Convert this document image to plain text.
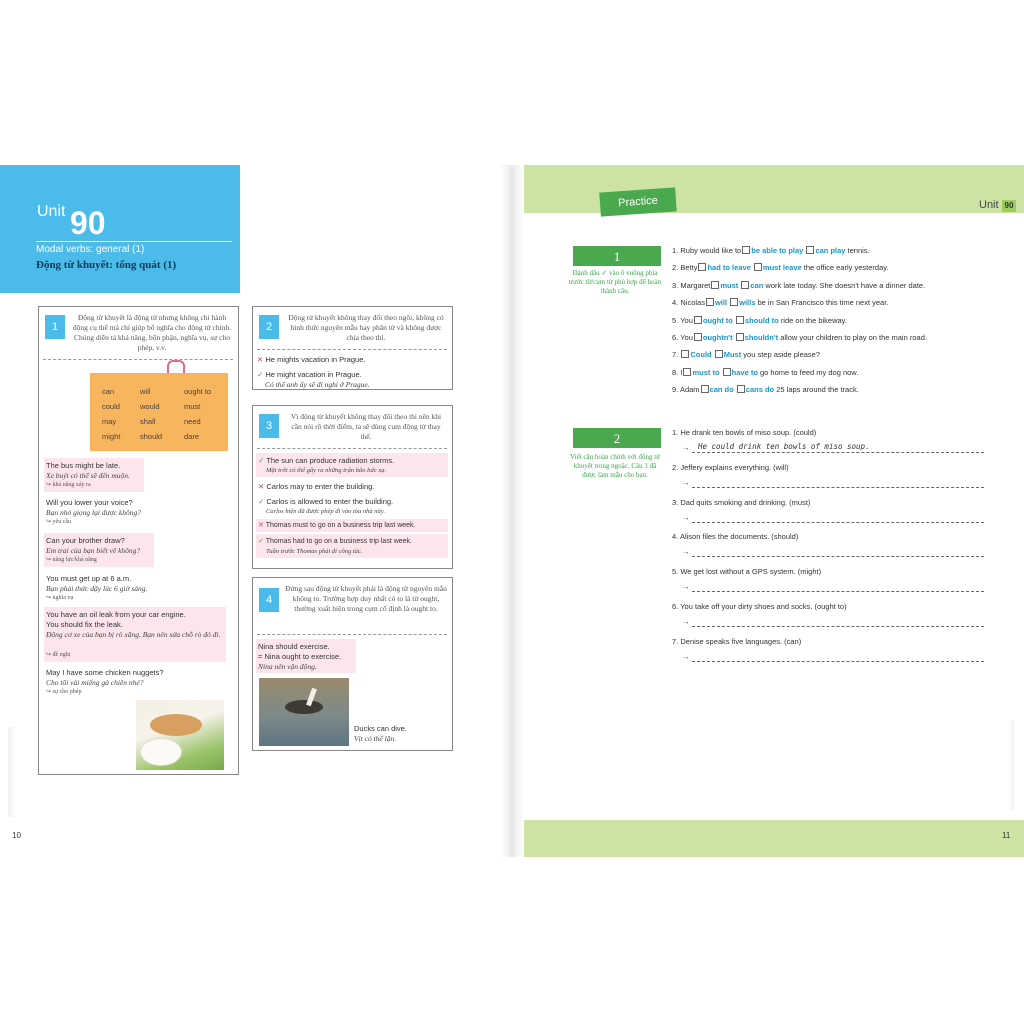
Unit 90
Modal verbs: general (1)
Động từ khuyết: tổng quát (1)
1
Động từ khuyết là động từ nhưng không chỉ hành động cụ thể mà chỉ giúp bổ nghĩa cho động từ chính. Chúng diễn tả khả năng, bổn phận, nghĩa vụ, sự cho phép, v.v.
can	will	ought to
could	would	must
may	shall	need
might	should	dare
The bus might be late.
Xe buýt có thể sẽ đến muộn.
↪ khả năng xảy ra
Will you lower your voice?
Bạn nhỏ giọng lại được không?
↪ yêu cầu
Can your brother draw?
Em trai của bạn biết vẽ không?
↪ năng lực/khả năng
You must get up at 6 a.m.
Bạn phải thức dậy lúc 6 giờ sáng.
↪ nghĩa vụ
You have an oil leak from your car engine.
You should fix the leak.
Động cơ xe của bạn bị rò xăng. Bạn nên sửa chỗ rò đó đi.
↪ đề nghị
May I have some chicken nuggets?
Cho tôi vài miếng gà chiên nhé?
↪ sự cho phép
2
Động từ khuyết không thay đổi theo ngôi, không có hình thức nguyên mẫu hay phân từ và không được chia theo thì.
✕ He mights vacation in Prague.
✓ He might vacation in Prague.
Có thể anh ấy sẽ đi nghỉ ở Prague.
3
Vì động từ khuyết không thay đổi theo thì nên khi cần nói rõ thời điểm, ta sẽ dùng cụm động từ thay thế.
✓ The sun can produce radiation storms.
Mặt trời có thể gây ra những trận bão bức xạ.
✕ Carlos may to enter the building.
✓ Carlos is allowed to enter the building.
Carlos hiện đã được phép đi vào tòa nhà này.
✕ Thomas must to go on a business trip last week.
✓ Thomas had to go on a business trip last week.
Tuần trước Thomas phải đi công tác.
4
Đứng sau động từ khuyết phải là động từ nguyên mẫu không to. Trường hợp duy nhất có to là từ ought, thường xuất hiện trong cụm cố định là ought to.
Nina should exercise.
= Nina ought to exercise.
Nina nên vận động.
Ducks can dive.
Vịt có thể lặn.
10
Unit 90
Practice
1
Đánh dấu ✓ vào ô vuông phía trước từ/cụm từ phù hợp để hoàn thành câu.
1. Ruby would like to be able to play can play tennis.
2. Betty had to leave must leave the office early yesterday.
3. Margaret must can work late today. She doesn't have a dinner date.
4. Nicolas will wills be in San Francisco this time next year.
5. You ought to should to ride on the bikeway.
6. You oughtn't shouldn't allow your children to play on the main road.
7. Could Must you step aside please?
8. I must to have to go home to feed my dog now.
9. Adam can do cans do 25 laps around the track.
2
Viết câu hoàn chỉnh với động từ khuyết trong ngoặc. Câu 1 đã được làm mẫu cho bạn.
1. He drank ten bowls of miso soup. (could)
→ He could drink ten bowls of miso soup.
2. Jeffery explains everything. (will)
→
3. Dad quits smoking and drinking. (must)
→
4. Alison files the documents. (should)
→
5. We get lost without a GPS system. (might)
→
6. You take off your dirty shoes and socks. (ought to)
→
7. Denise speaks five languages. (can)
→
11
